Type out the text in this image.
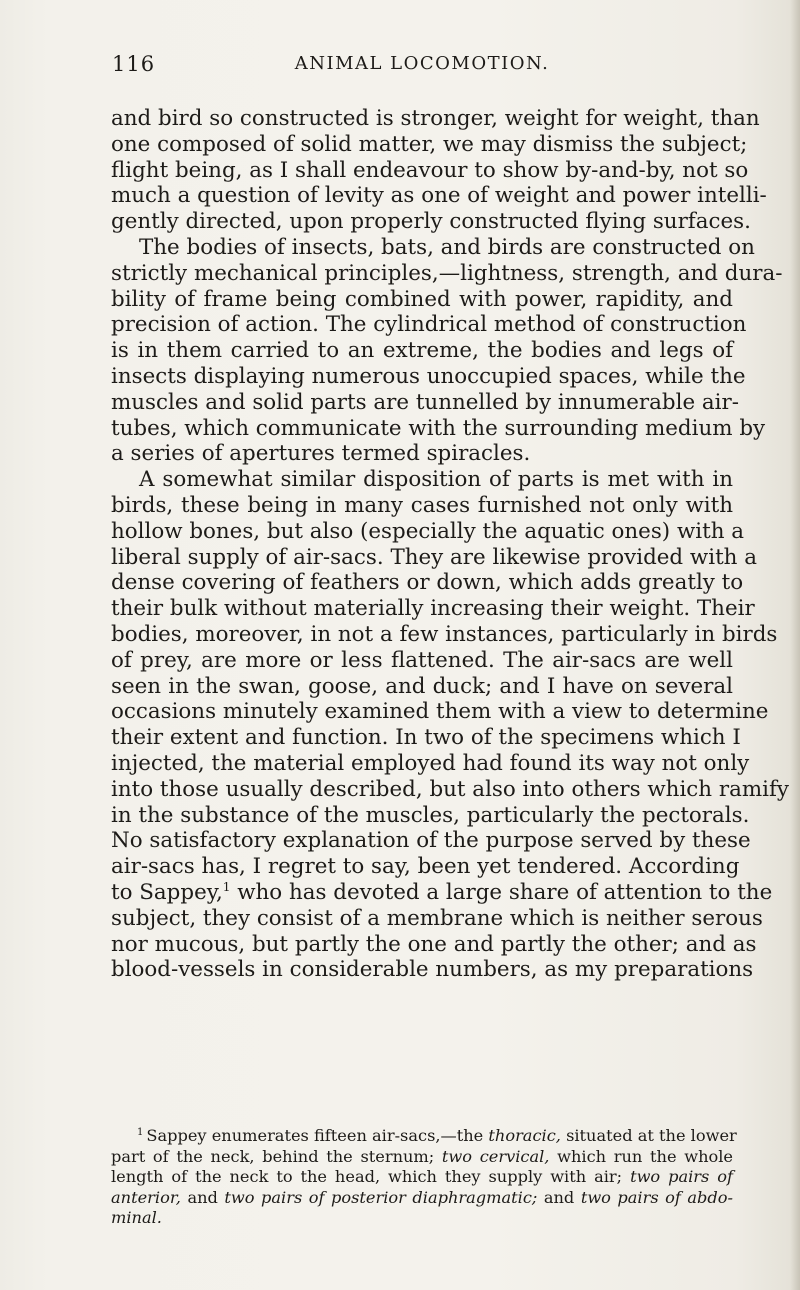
116	ANIMAL LOCOMOTION.
and bird so constructed is stronger, weight for weight, than
one composed of solid matter, we may dismiss the subject;
flight being, as I shall endeavour to show by-and-by, not so
much a question of levity as one of weight and power intelli-
gently directed, upon properly constructed flying surfaces.
The bodies of insects, bats, and birds are constructed on
strictly mechanical principles,—lightness, strength, and dura-
bility of frame being combined with power, rapidity, and
precision of action. The cylindrical method of construction
is in them carried to an extreme, the bodies and legs of
insects displaying numerous unoccupied spaces, while the
muscles and solid parts are tunnelled by innumerable air-
tubes, which communicate with the surrounding medium by
a series of apertures termed spiracles.
A somewhat similar disposition of parts is met with in
birds, these being in many cases furnished not only with
hollow bones, but also (especially the aquatic ones) with a
liberal supply of air-sacs. They are likewise provided with a
dense covering of feathers or down, which adds greatly to
their bulk without materially increasing their weight. Their
bodies, moreover, in not a few instances, particularly in birds
of prey, are more or less flattened. The air-sacs are well
seen in the swan, goose, and duck; and I have on several
occasions minutely examined them with a view to determine
their extent and function. In two of the specimens which I
injected, the material employed had found its way not only
into those usually described, but also into others which ramify
in the substance of the muscles, particularly the pectorals.
No satisfactory explanation of the purpose served by these
air-sacs has, I regret to say, been yet tendered. According
to Sappey,$^1$ who has devoted a large share of attention to the
subject, they consist of a membrane which is neither serous
nor mucous, but partly the one and partly the other; and as
blood-vessels in considerable numbers, as my preparations
$^1$ Sappey enumerates fifteen air-sacs,—the thoracic, situated at the lower
part of the neck, behind the sternum; two cervical, which run the whole
length of the neck to the head, which they supply with air; two pairs of
anterior, and two pairs of posterior diaphragmatic; and two pairs of abdo-
minal.
